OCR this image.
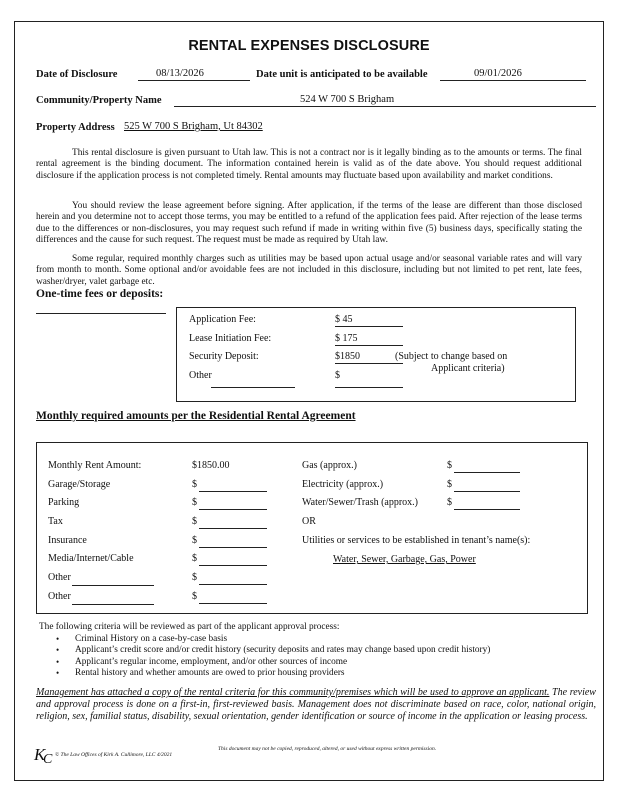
RENTAL EXPENSES DISCLOSURE
Date of Disclosure	08/13/2026	Date unit is anticipated to be available	09/01/2026
Community/Property Name	524 W 700 S Brigham
Property Address 525 W 700 S Brigham, Ut 84302
This rental disclosure is given pursuant to Utah law. This is not a contract nor is it legally binding as to the amounts or terms. The final rental agreement is the binding document. The information contained herein is valid as of the date above. You should request additional disclosure if the application process is not completed timely. Rental amounts may fluctuate based upon availability and market conditions.
You should review the lease agreement before signing. After application, if the terms of the lease are different than those disclosed herein and you determine not to accept those terms, you may be entitled to a refund of the application fees paid. After rejection of the lease terms due to the differences or non-disclosures, you may request such refund if made in writing within five (5) business days, specifically stating the differences and the cause for such request. The request must be made as required by Utah law.
Some regular, required monthly charges such as utilities may be based upon actual usage and/or seasonal variable rates and will vary from month to month. Some optional and/or avoidable fees are not included in this disclosure, including but not limited to pet rent, late fees, washer/dryer, valet garbage etc.
One-time fees or deposits:
Application Fee:	$ 45
Lease Initiation Fee:	$ 175
Security Deposit:	$1850
Other	$
(Subject to change based on
Applicant criteria)
Monthly required amounts per the Residential Rental Agreement
Monthly Rent Amount:	$1850.00
Garage/Storage	$
Parking	$
Tax	$
Insurance	$
Media/Internet/Cable	$
Other	$
Other	$
Gas (approx.)	$
Electricity (approx.)	$
Water/Sewer/Trash (approx.)	$
OR
Utilities or services to be established in tenant’s name(s):
Water, Sewer, Garbage, Gas, Power
The following criteria will be reviewed as part of the applicant approval process:
• Criminal History on a case-by-case basis
• Applicant’s credit score and/or credit history (security deposits and rates may change based upon credit history)
• Applicant’s regular income, employment, and/or other sources of income
• Rental history and whether amounts are owed to prior housing providers
Management has attached a copy of the rental criteria for this community/premises which will be used to approve an applicant. The review and approval process is done on a first-in, first-reviewed basis. Management does not discriminate based on race, color, national origin, religion, sex, familial status, disability, sexual orientation, gender identification or source of income in the application or leasing process.
K
C © The Law Offices of Kirk A. Cullimore, LLC 4/2021
This document may not be copied, reproduced, altered, or used without express written permission.
